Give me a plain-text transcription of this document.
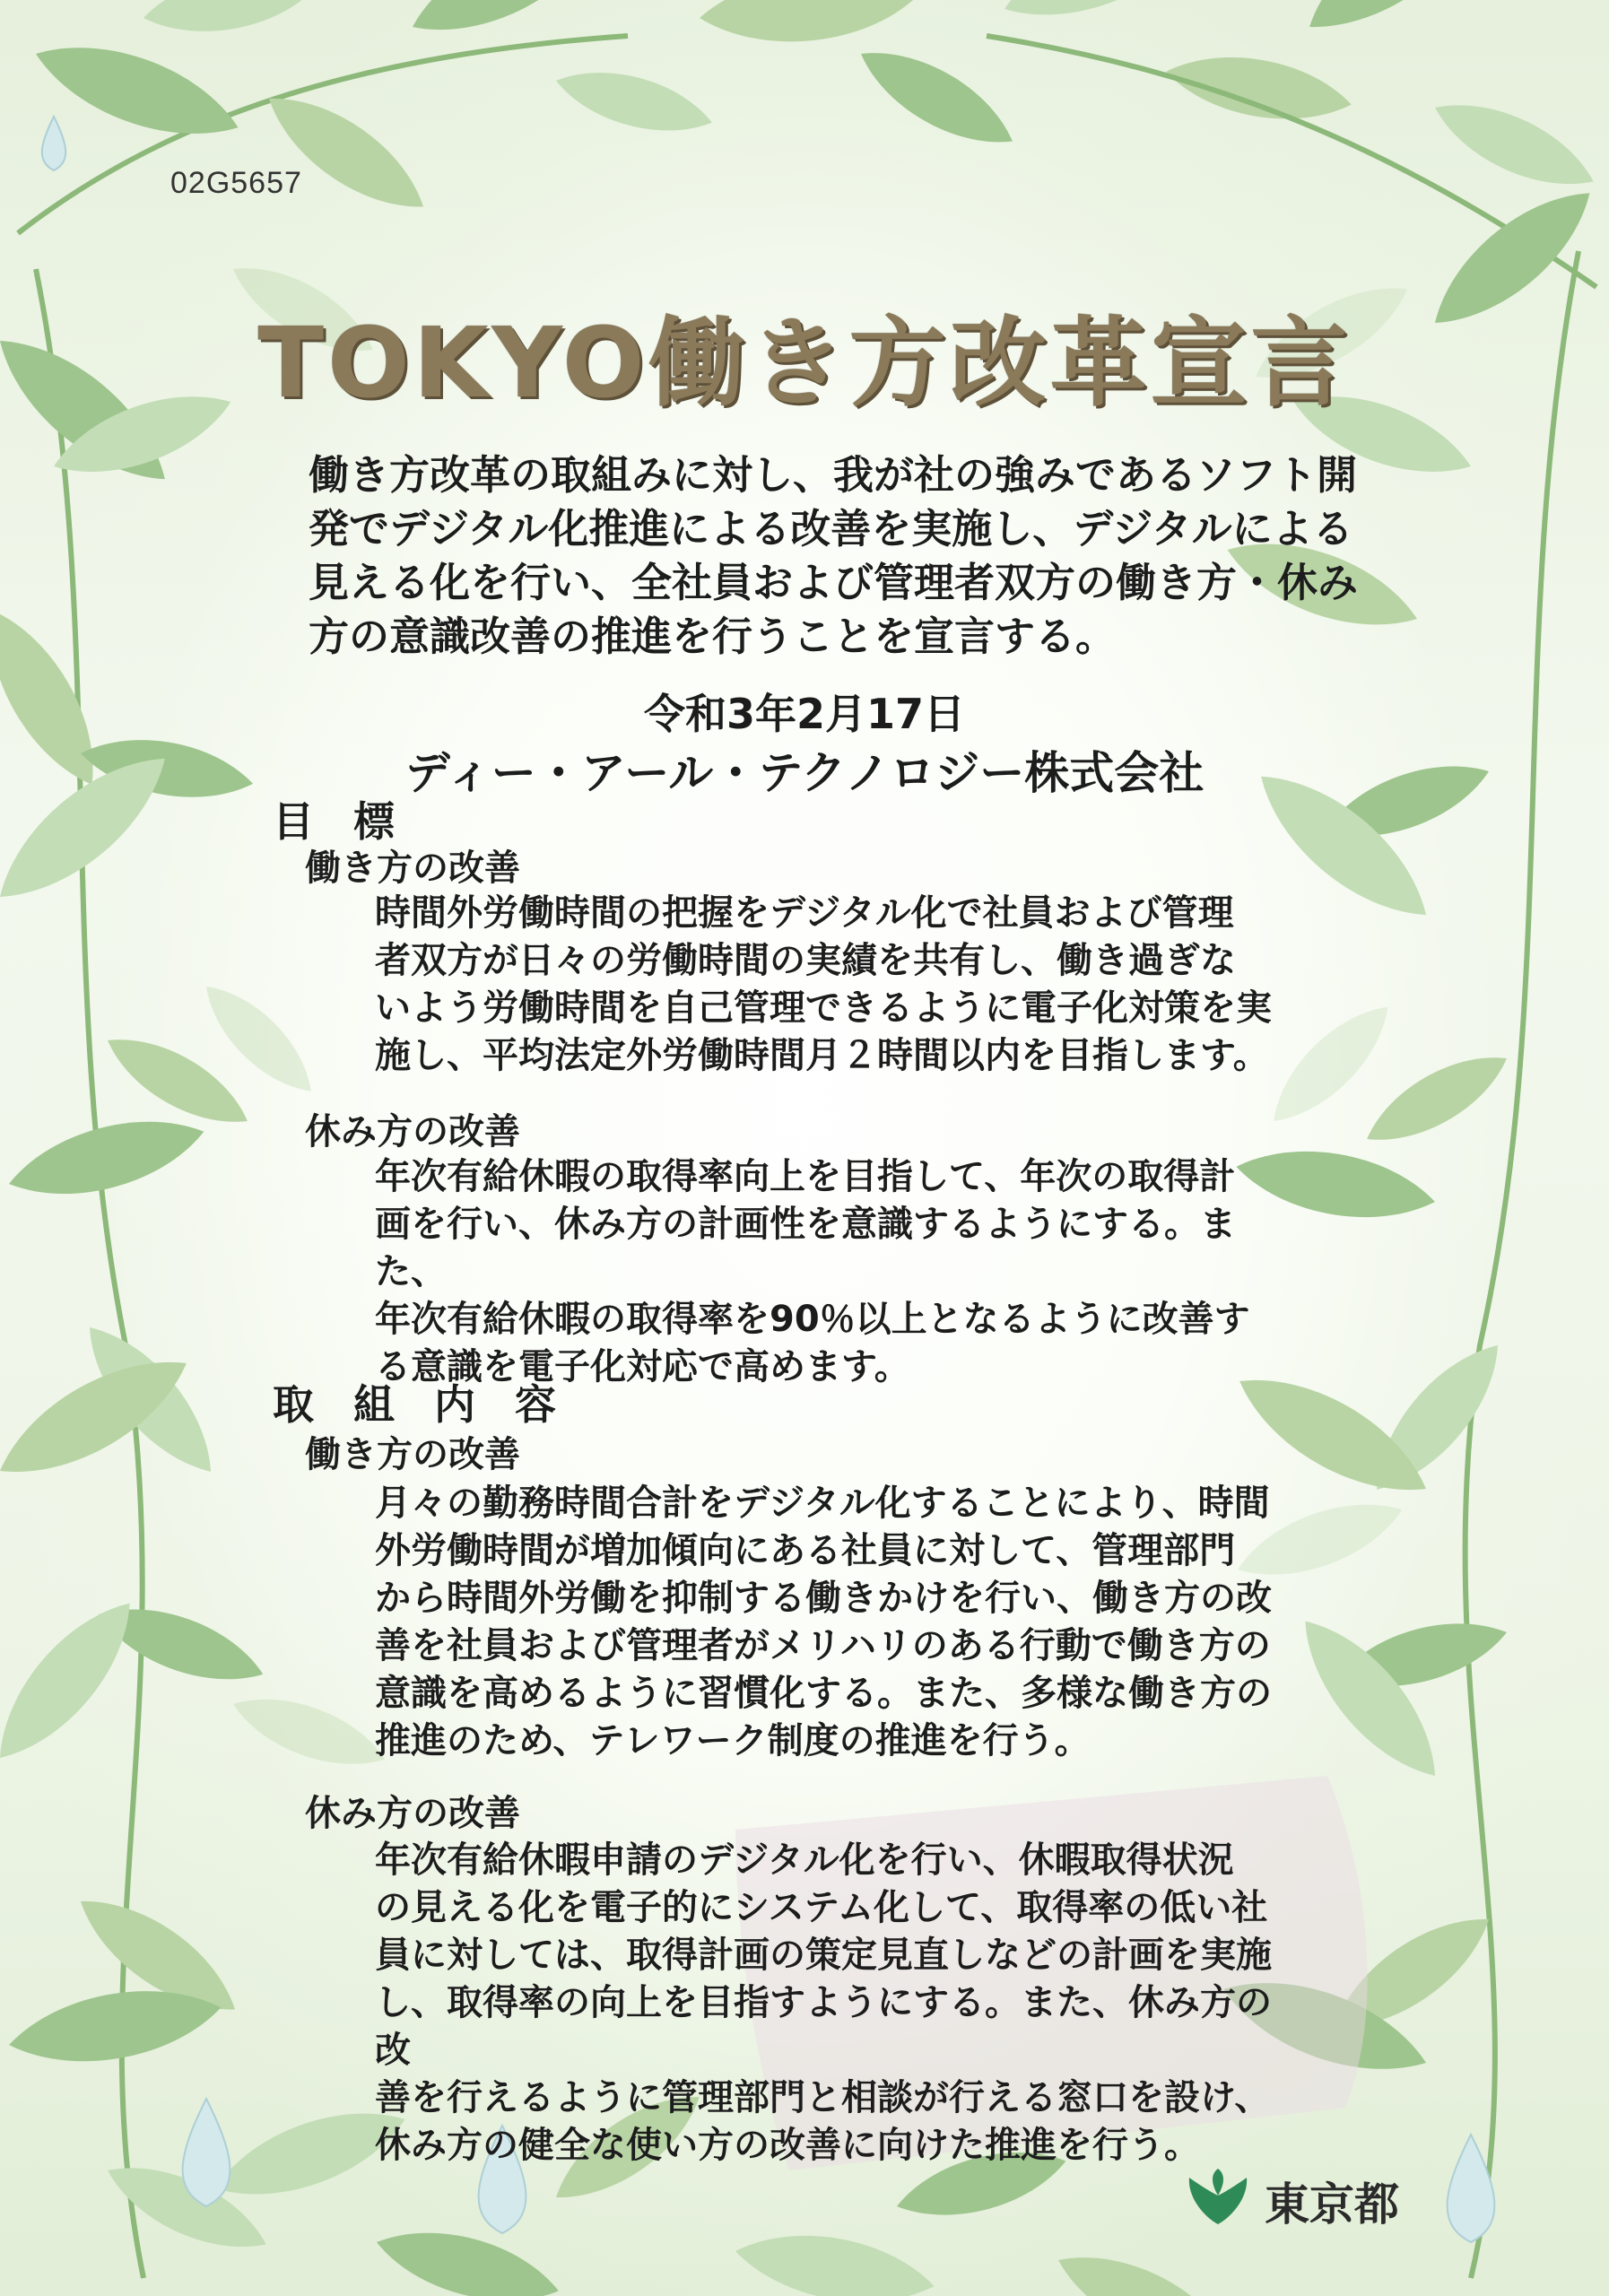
02G5657
TOKYO働き方改革宣言
働き方改革の取組みに対し、我が社の強みであるソフト開発でデジタル化推進による改善を実施し、デジタルによる見える化を行い、全社員および管理者双方の働き方・休み方の意識改善の推進を行うことを宣言する。
令和3年2月17日
ディー・アール・テクノロジー株式会社
目 標
働き方の改善
時間外労働時間の把握をデジタル化で社員および管理
者双方が日々の労働時間の実績を共有し、働き過ぎな
いよう労働時間を自己管理できるように電子化対策を実
施し、平均法定外労働時間月２時間以内を目指します。
休み方の改善
年次有給休暇の取得率向上を目指して、年次の取得計
画を行い、休み方の計画性を意識するようにする。また、
年次有給休暇の取得率を90％以上となるように改善す
る意識を電子化対応で高めます。
取 組 内 容
働き方の改善
月々の勤務時間合計をデジタル化することにより、時間
外労働時間が増加傾向にある社員に対して、管理部門
から時間外労働を抑制する働きかけを行い、働き方の改
善を社員および管理者がメリハリのある行動で働き方の
意識を高めるように習慣化する。また、多様な働き方の
推進のため、テレワーク制度の推進を行う。
休み方の改善
年次有給休暇申請のデジタル化を行い、休暇取得状況
の見える化を電子的にシステム化して、取得率の低い社
員に対しては、取得計画の策定見直しなどの計画を実施
し、取得率の向上を目指すようにする。また、休み方の改
善を行えるように管理部門と相談が行える窓口を設け、
休み方の健全な使い方の改善に向けた推進を行う。
東京都
